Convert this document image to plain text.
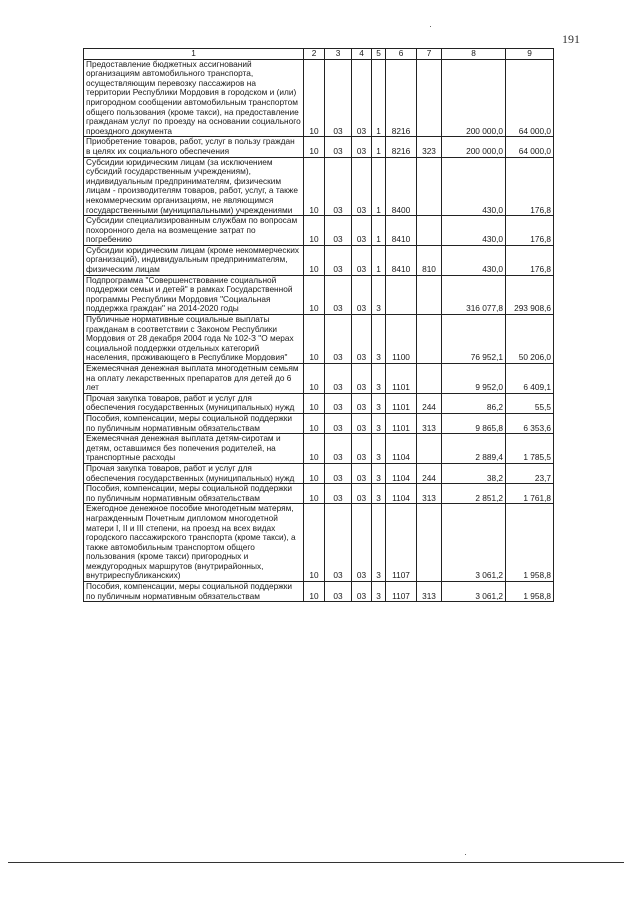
191
1	2	3	4	5	6	7	8	9
Предоставление бюджетных ассигнований организациям автомобильного транспорта, осуществляющим перевозку пассажиров на территории Республики Мордовия в городском и (или) пригородном сообщении автомобильным транспортом общего пользования (кроме такси), на предоставление гражданам услуг по проезду на основании социального проездного документа	10	03	03	1	8216		200 000,0	64 000,0
Приобретение товаров, работ, услуг в пользу граждан в целях их социального обеспечения	10	03	03	1	8216	323	200 000,0	64 000,0
Субсидии юридическим лицам (за исключением субсидий государственным учреждениям), индивидуальным предпринимателям, физическим лицам - производителям товаров, работ, услуг, а также некоммерческим организациям, не являющимся государственными (муниципальными) учреждениями	10	03	03	1	8400		430,0	176,8
Субсидии специализированным службам по вопросам похоронного дела на возмещение затрат по погребению	10	03	03	1	8410		430,0	176,8
Субсидии юридическим лицам (кроме некоммерческих организаций), индивидуальным предпринимателям, физическим лицам	10	03	03	1	8410	810	430,0	176,8
Подпрограмма "Совершенствование социальной поддержки семьи и детей" в рамках Государственной программы Республики Мордовия "Социальная поддержка граждан" на 2014-2020 годы	10	03	03	3			316 077,8	293 908,6
Публичные нормативные социальные выплаты гражданам в соответствии с Законом Республики Мордовия от 28 декабря 2004 года № 102-З "О мерах социальной поддержки отдельных категорий населения, проживающего в Республике Мордовия"	10	03	03	3	1100		76 952,1	50 206,0
Ежемесячная денежная выплата многодетным семьям на оплату лекарственных препаратов для детей до 6 лет	10	03	03	3	1101		9 952,0	6 409,1
Прочая закупка товаров, работ и услуг для обеспечения государственных (муниципальных) нужд	10	03	03	3	1101	244	86,2	55,5
Пособия, компенсации, меры социальной поддержки по публичным нормативным обязательствам	10	03	03	3	1101	313	9 865,8	6 353,6
Ежемесячная денежная выплата детям-сиротам и детям, оставшимся без попечения родителей, на транспортные расходы	10	03	03	3	1104		2 889,4	1 785,5
Прочая закупка товаров, работ и услуг для обеспечения государственных (муниципальных) нужд	10	03	03	3	1104	244	38,2	23,7
Пособия, компенсации, меры социальной поддержки по публичным нормативным обязательствам	10	03	03	3	1104	313	2 851,2	1 761,8
Ежегодное денежное пособие многодетным матерям, награжденным Почетным дипломом многодетной матери I, II и III степени, на проезд на всех видах городского пассажирского транспорта (кроме такси), а также автомобильным транспортом общего пользования (кроме такси) пригородных и междугородных маршрутов (внутрирайонных, внутриреспубликанских)	10	03	03	3	1107		3 061,2	1 958,8
Пособия, компенсации, меры социальной поддержки по публичным нормативным обязательствам	10	03	03	3	1107	313	3 061,2	1 958,8
